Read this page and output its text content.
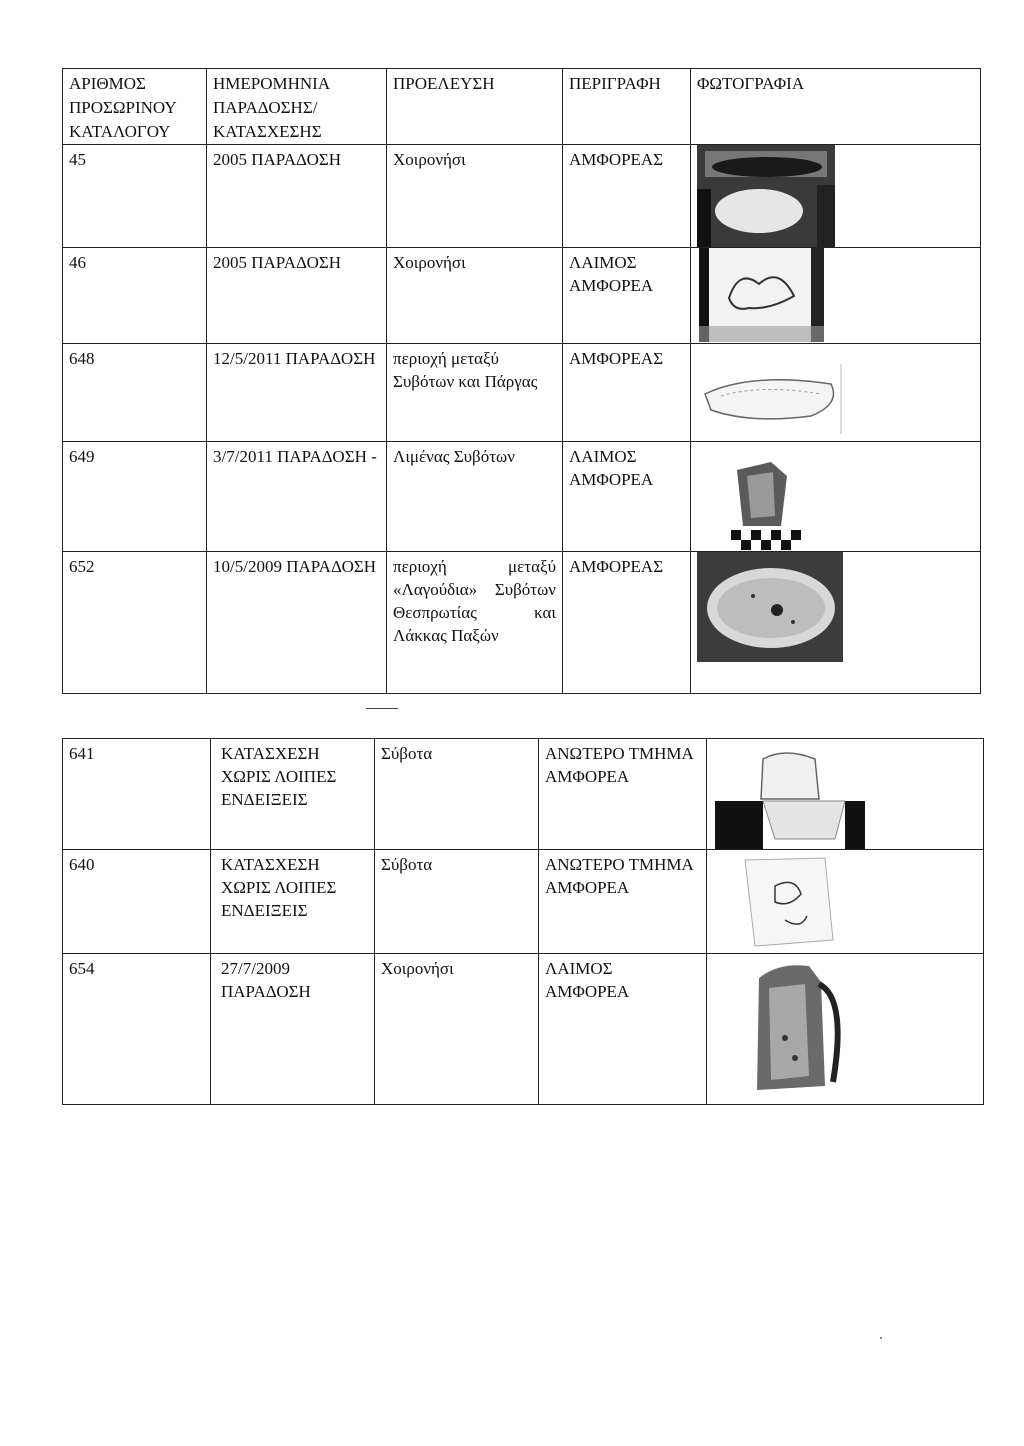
ΑΡΙΘΜΟΣ ΠΡΟΣΩΡΙΝΟΥ ΚΑΤΑΛΟΓΟΥ	ΗΜΕΡΟΜΗΝΙΑ ΠΑΡΑΔΟΣΗΣ/ ΚΑΤΑΣΧΕΣΗΣ	ΠΡΟΕΛΕΥΣΗ	ΠΕΡΙΓΡΑΦΗ	ΦΩΤΟΓΡΑΦΙΑ
45	2005 ΠΑΡΑΔΟΣΗ	Χοιρονήσι	ΑΜΦΟΡΕΑΣ	

46	2005 ΠΑΡΑΔΟΣΗ	Χοιρονήσι	ΛΑΙΜΟΣ ΑΜΦΟΡΕΑ	

648	12/5/2011 ΠΑΡΑΔΟΣΗ	περιοχή μεταξύ Συβότων και Πάργας	ΑΜΦΟΡΕΑΣ	

649	3/7/2011 ΠΑΡΑΔΟΣΗ -	Λιμένας Συβότων	ΛΑΙΜΟΣ ΑΜΦΟΡΕΑ	

652	10/5/2009 ΠΑΡΑΔΟΣΗ	περιοχή μεταξύ «Λαγούδια» Συβότων Θεσπρωτίας και Λάκκας Παξών	ΑΜΦΟΡΕΑΣ	
641	ΚΑΤΑΣΧΕΣΗ ΧΩΡΙΣ ΛΟΙΠΕΣ ΕΝΔΕΙΞΕΙΣ	Σύβοτα	ΑΝΩΤΕΡΟ ΤΜΗΜΑ ΑΜΦΟΡΕΑ	

640	ΚΑΤΑΣΧΕΣΗ ΧΩΡΙΣ ΛΟΙΠΕΣ ΕΝΔΕΙΞΕΙΣ	Σύβοτα	ΑΝΩΤΕΡΟ ΤΜΗΜΑ ΑΜΦΟΡΕΑ	

654	27/7/2009 ΠΑΡΑΔΟΣΗ	Χοιρονήσι	ΛΑΙΜΟΣ ΑΜΦΟΡΕΑ	
